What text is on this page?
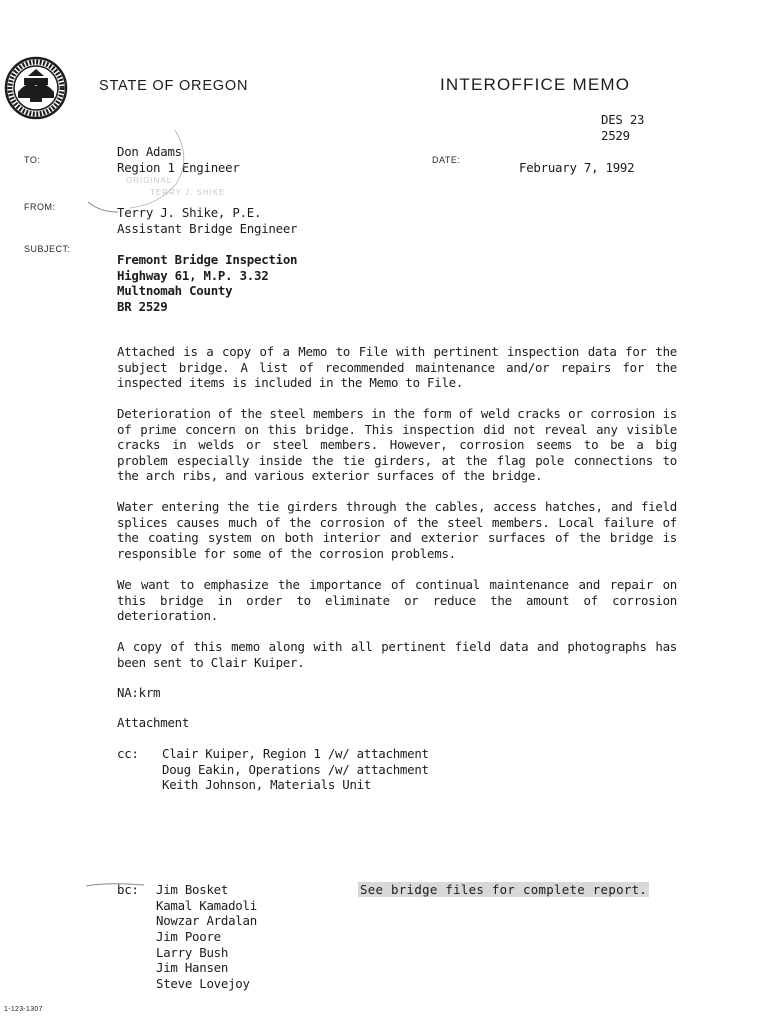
STATE OF OREGON	INTEROFFICE MEMO
DES 23
2529
TO:
Don Adams
Region 1 Engineer	DATE:	February 7, 1992
ORIGINAL
TERRY J. SHIKE
FROM:	Terry J. Shike, P.E.
Assistant Bridge Engineer
SUBJECT:
Fremont Bridge Inspection
Highway 61, M.P. 3.32
Multnomah County
BR 2529
Attached is a copy of a Memo to File with pertinent inspection data for the subject bridge. A list of recommended maintenance and/or repairs for the inspected items is included in the Memo to File.
Deterioration of the steel members in the form of weld cracks or corrosion is of prime concern on this bridge. This inspection did not reveal any visible cracks in welds or steel members. However, corrosion seems to be a big problem especially inside the tie girders, at the flag pole connections to the arch ribs, and various exterior surfaces of the bridge.
Water entering the tie girders through the cables, access hatches, and field splices causes much of the corrosion of the steel members. Local failure of the coating system on both interior and exterior surfaces of the bridge is responsible for some of the corrosion problems.
We want to emphasize the importance of continual maintenance and repair on this bridge in order to eliminate or reduce the amount of corrosion deterioration.
A copy of this memo along with all pertinent field data and photographs has been sent to Clair Kuiper.
NA:krm
Attachment
cc: Clair Kuiper, Region 1 /w/ attachment
Doug Eakin, Operations /w/ attachment
Keith Johnson, Materials Unit
bc: Jim Bosket
Kamal Kamadoli
Nowzar Ardalan
Jim Poore
Larry Bush
Jim Hansen
Steve Lovejoy
See bridge files for complete report.
1-123-1307
